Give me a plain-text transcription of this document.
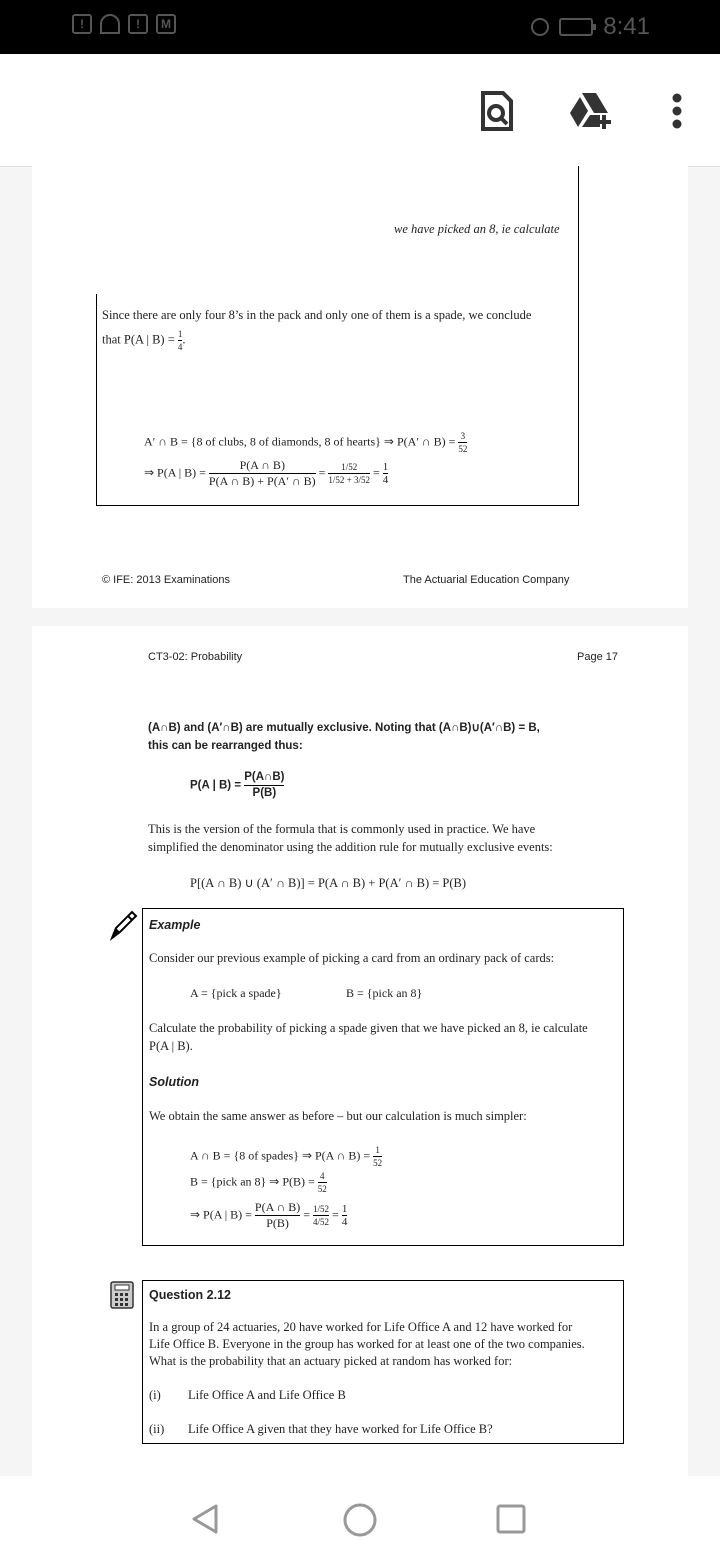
!	!	M	8:41
we have picked an 8, ie calculate
Since there are only four 8’s in the pack and only one of them is a spade, we conclude
that P(A | $B) = \frac{1}{4}$ .
A′ ∩ B = {8 of clubs, 8 of diamonds, 8 of hearts} ⇒ P(A′ ∩ $B) = \frac{3}{52}$
⇒ P(A | $B) = \frac{P(A \cap B)}{P(A \cap B) + P(A' \cap B)} = \frac{1/52}{1/52 + 3/52} = \frac{1}{4}$
© IFE: 2013 Examinations	The Actuarial Education Company
CT3-02: Probability	Page 17
(A∩B) and (A′∩B) are mutually exclusive. Noting that (A∩B)∪(A′∩B) = B,
this can be rearranged thus:
P(A | $B) = \frac{P(A\cap B)}{P(B)}$
This is the version of the formula that is commonly used in practice. We have
simplified the denominator using the addition rule for mutually exclusive events:
P[(A ∩ B) ∪ (A′ ∩ B)] = P(A ∩ B) + P(A′ ∩ B) = P(B)
Example
Consider our previous example of picking a card from an ordinary pack of cards:
A = {pick a spade}	B = {pick an 8}
Calculate the probability of picking a spade given that we have picked an 8, ie calculate
P(A | B).
Solution
We obtain the same answer as before – but our calculation is much simpler:
A ∩ B = {8 of spades} ⇒ P(A ∩ $B) = \frac{1}{52}$
B = {pick an 8} ⇒ $P(B) = \frac{4}{52}$
⇒ P(A | $B) = \frac{P(A \cap B)}{P(B)} = \frac{1/52}{4/52} = \frac{1}{4}$
Question 2.12
In a group of 24 actuaries, 20 have worked for Life Office A and 12 have worked for
Life Office B. Everyone in the group has worked for at least one of the two companies.
What is the probability that an actuary picked at random has worked for:
(i) Life Office A and Life Office B
(ii) Life Office A given that they have worked for Life Office B?
